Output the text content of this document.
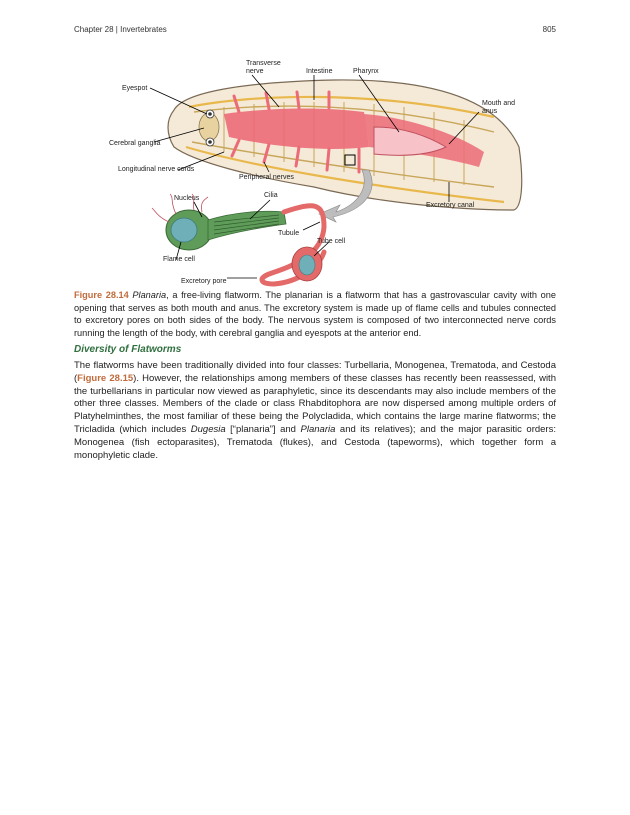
Chapter 28 | Invertebrates	805
Transverse
nerve	Intestine	Pharynx
Eyespot
Mouth and
anus
Cerebral ganglia
Longitudinal nerve cords
Peripheral nerves
Excretory canal
Nucleus	Cilia
Tubule
Tube cell
Flame cell
Excretory pore
Figure 28.14 Planaria, a free-living flatworm. The planarian is a flatworm that has a gastrovascular cavity with one opening that serves as both mouth and anus. The excretory system is made up of flame cells and tubules connected to excretory pores on both sides of the body. The nervous system is composed of two interconnected nerve cords running the length of the body, with cerebral ganglia and eyespots at the anterior end.
Diversity of Flatworms
The flatworms have been traditionally divided into four classes: Turbellaria, Monogenea, Trematoda, and Cestoda (Figure 28.15). However, the relationships among members of these classes has recently been reassessed, with the turbellarians in particular now viewed as paraphyletic, since its descendants may also include members of the other three classes. Members of the clade or class Rhabditophora are now dispersed among multiple orders of Platyhelminthes, the most familiar of these being the Polycladida, which contains the large marine flatworms; the Tricladida (which includes Dugesia [“planaria”] and Planaria and its relatives); and the major parasitic orders: Monogenea (fish ectoparasites), Trematoda (flukes), and Cestoda (tapeworms), which together form a monophyletic clade.
